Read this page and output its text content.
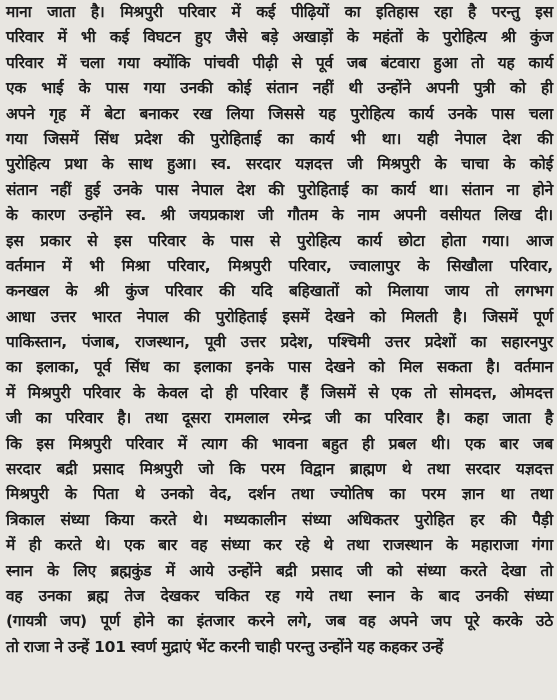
माना जाता है। मिश्रपुरी परिवार में कई पीढ़ियों का इतिहास रहा है परन्तु इस
परिवार में भी कई विघटन हुए जैसे बड़े अखाड़ों के महंतों के पुरोहित्य श्री कुंज
परिवार में चला गया क्योंकि पांचवी पीढ़ी से पूर्व जब बंटवारा हुआ तो यह कार्य
एक भाई के पास गया उनकी कोई संतान नहीं थी उन्होंने अपनी पुत्री को ही
अपने गृह में बेटा बनाकर रख लिया जिससे यह पुरोहित्य कार्य उनके पास चला
गया जिसमें सिंध प्रदेश की पुरोहिताई का कार्य भी था। यही नेपाल देश की
पुरोहित्य प्रथा के साथ हुआ। स्व. सरदार यज्ञदत्त जी मिश्रपुरी के चाचा के कोई
संतान नहीं हुई उनके पास नेपाल देश की पुरोहिताई का कार्य था। संतान ना होने
के कारण उन्होंने स्व. श्री जयप्रकाश जी गौतम के नाम अपनी वसीयत लिख दी।
इस प्रकार से इस परिवार के पास से पुरोहित्य कार्य छोटा होता गया। आज
वर्तमान में भी मिश्रा परिवार, मिश्रपुरी परिवार, ज्वालापुर के सिखौला परिवार,
कनखल के श्री कुंज परिवार की यदि बहिखातों को मिलाया जाय तो लगभग
आधा उत्तर भारत नेपाल की पुरोहिताई इसमें देखने को मिलती है। जिसमें पूर्ण
पाकिस्तान, पंजाब, राजस्थान, पूवी उत्तर प्रदेश, पश्चिमी उत्तर प्रदेशों का सहारनपुर
का इलाका, पूर्व सिंध का इलाका इनके पास देखने को मिल सकता है। वर्तमान
में मिश्रपुरी परिवार के केवल दो ही परिवार हैं जिसमें से एक तो सोमदत्त, ओमदत्त
जी का परिवार है। तथा दूसरा रामलाल रमेन्द्र जी का परिवार है। कहा जाता है
कि इस मिश्रपुरी परिवार में त्याग की भावना बहुत ही प्रबल थी। एक बार जब
सरदार बद्री प्रसाद मिश्रपुरी जो कि परम विद्वान ब्राह्मण थे तथा सरदार यज्ञदत्त
मिश्रपुरी के पिता थे उनको वेद, दर्शन तथा ज्योतिष का परम ज्ञान था तथा
त्रिकाल संध्या किया करते थे। मध्यकालीन संध्या अधिकतर पुरोहित हर की पैड़ी
में ही करते थे। एक बार वह संध्या कर रहे थे तथा राजस्थान के महाराजा गंगा
स्नान के लिए ब्रह्मकुंड में आये उन्होंने बद्री प्रसाद जी को संध्या करते देखा तो
वह उनका ब्रह्म तेज देखकर चकित रह गये तथा स्नान के बाद उनकी संध्या
(गायत्री जप) पूर्ण होने का इंतजार करने लगे, जब वह अपने जप पूरे करके उठे
तो राजा ने उन्हें 101 स्वर्ण मुद्राएं भेंट करनी चाही परन्तु उन्होंने यह कहकर उन्हें
